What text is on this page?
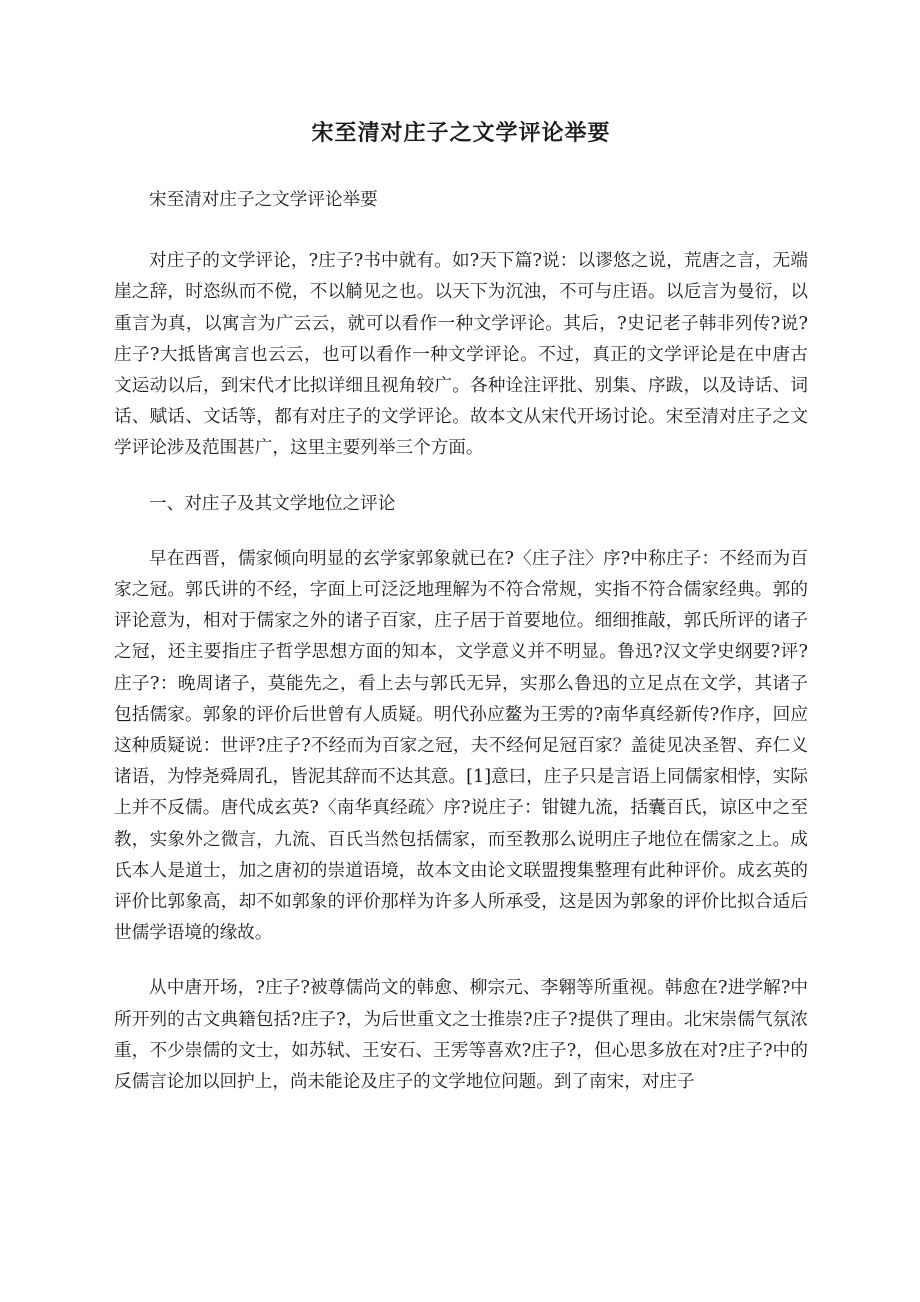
宋至清对庄子之文学评论举要

宋至清对庄子之文学评论举要

对庄子的文学评论，?庄子?书中就有。如?天下篇?说：以谬悠之说，荒唐之言，无端崖之辞，时恣纵而不傥，不以觭见之也。以天下为沉浊，不可与庄语。以卮言为曼衍，以重言为真，以寓言为广云云，就可以看作一种文学评论。其后，?史记老子韩非列传?说?庄子?大抵皆寓言也云云，也可以看作一种文学评论。不过，真正的文学评论是在中唐古文运动以后，到宋代才比拟详细且视角较广。各种诠注评批、别集、序跋，以及诗话、词话、赋话、文话等，都有对庄子的文学评论。故本文从宋代开场讨论。宋至清对庄子之文学评论涉及范围甚广，这里主要列举三个方面。

一、对庄子及其文学地位之评论

早在西晋，儒家倾向明显的玄学家郭象就已在?〈庄子注〉序?中称庄子：不经而为百家之冠。郭氏讲的不经，字面上可泛泛地理解为不符合常规，实指不符合儒家经典。郭的评论意为，相对于儒家之外的诸子百家，庄子居于首要地位。细细推敲，郭氏所评的诸子之冠，还主要指庄子哲学思想方面的知本，文学意义并不明显。鲁迅?汉文学史纲要?评?庄子?：晚周诸子，莫能先之，看上去与郭氏无异，实那么鲁迅的立足点在文学，其诸子包括儒家。郭象的评价后世曾有人质疑。明代孙应鳌为王雱的?南华真经新传?作序，回应这种质疑说：世评?庄子?不经而为百家之冠，夫不经何足冠百家？盖徒见决圣智、弃仁义诸语，为悖尧舜周孔，皆泥其辞而不达其意。[1]意曰，庄子只是言语上同儒家相悖，实际上并不反儒。唐代成玄英?〈南华真经疏〉序?说庄子：钳键九流，括囊百氏，谅区中之至教，实象外之微言，九流、百氏当然包括儒家，而至教那么说明庄子地位在儒家之上。成氏本人是道士，加之唐初的崇道语境，故本文由论文联盟搜集整理有此种评价。成玄英的评价比郭象高，却不如郭象的评价那样为许多人所承受，这是因为郭象的评价比拟合适后世儒学语境的缘故。

从中唐开场，?庄子?被尊儒尚文的韩愈、柳宗元、李翱等所重视。韩愈在?进学解?中所开列的古文典籍包括?庄子?，为后世重文之士推崇?庄子?提供了理由。北宋崇儒气氛浓重，不少崇儒的文士，如苏轼、王安石、王雱等喜欢?庄子?，但心思多放在对?庄子?中的反儒言论加以回护上，尚未能论及庄子的文学地位问题。到了南宋，对庄子
